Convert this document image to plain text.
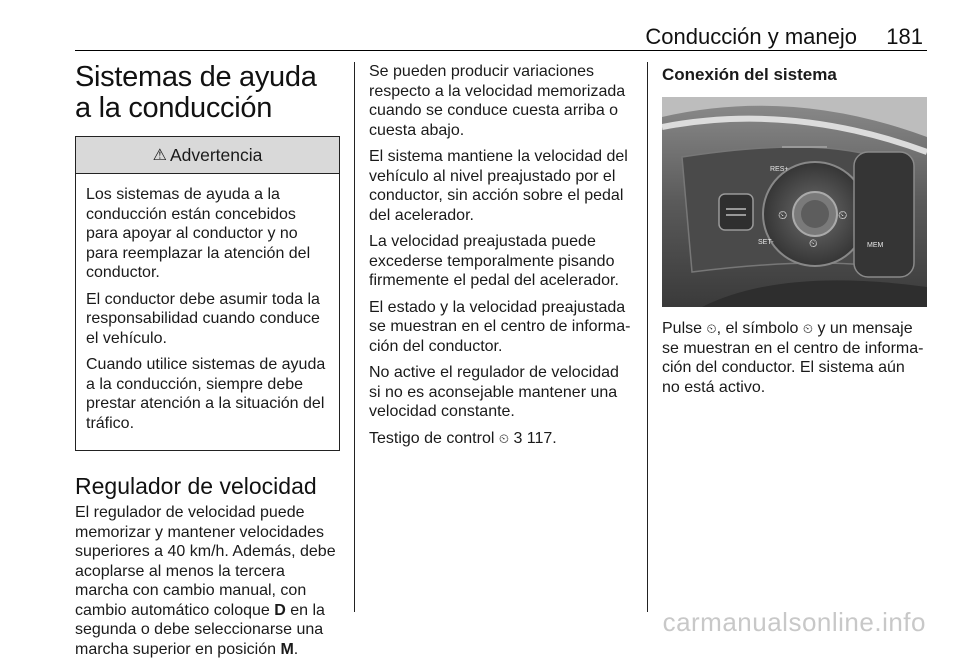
Conducción y manejo 181
Sistemas de ayuda a la conducción
⚠ Advertencia

Los sistemas de ayuda a la conducción están concebidos para apoyar al conductor y no para reemplazar la atención del conductor.

El conductor debe asumir toda la responsabilidad cuando conduce el vehículo.

Cuando utilice sistemas de ayuda a la conducción, siempre debe prestar atención a la situación del tráfico.

Regulador de velocidad

El regulador de velocidad puede memorizar y mantener velocidades superiores a 40 km/h. Además, debe acoplarse al menos la tercera marcha con cambio manual, con cambio automático coloque D en la segunda o debe seleccionarse una marcha superior en posición M.

Se pueden producir variaciones respecto a la velocidad memorizada cuando se conduce cuesta arriba o cuesta abajo.

El sistema mantiene la velocidad del vehículo al nivel preajustado por el conductor, sin acción sobre el pedal del acelerador.

La velocidad preajustada puede excederse temporalmente pisando firmemente el pedal del acelerador.

El estado y la velocidad preajustada se muestran en el centro de informa-ción del conductor.

No active el regulador de velocidad si no es aconsejable mantener una velocidad constante.

Testigo de control ⏲ 3 117.

Conexión del sistema
RES+
SET-	MEM
⏲	⏲
⏲

Pulse ⏲, el símbolo ⏲ y un mensaje se muestran en el centro de informa-ción del conductor. El sistema aún no está activo.

carmanualsonline.info
